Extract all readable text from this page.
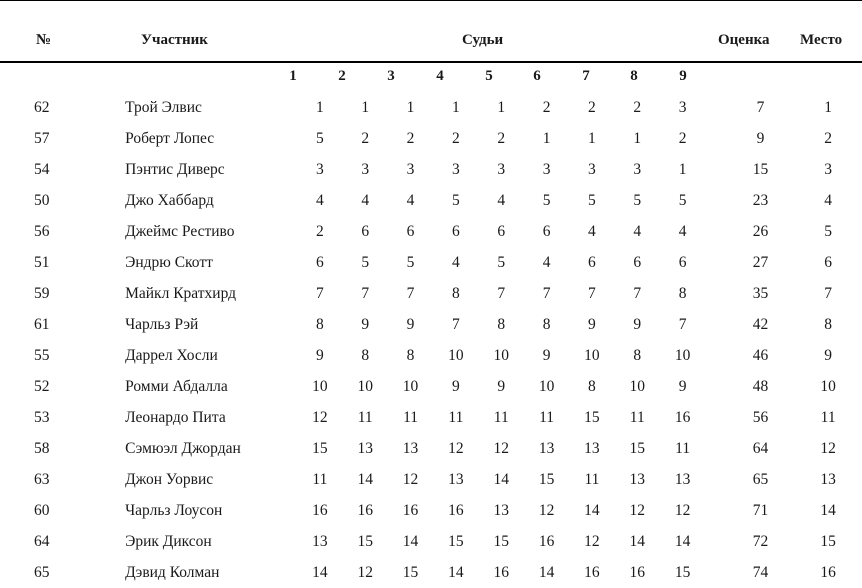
№	Участник	Судьи	Оценка Место
1	2	3	4	5	6	7	8	9
62	Трой Элвис	1	1	1	1	1	2	2	2	3		7	1
57	Роберт Лопес	5	2	2	2	2	1	1	1	2		9	2
54	Пэнтис Диверс	3	3	3	3	3	3	3	3	1		15	3
50	Джо Хаббард	4	4	4	5	4	5	5	5	5		23	4
56	Джеймс Рестиво	2	6	6	6	6	6	4	4	4		26	5
51	Эндрю Скотт	6	5	5	4	5	4	6	6	6		27	6
59	Майкл Кратхирд	7	7	7	8	7	7	7	7	8		35	7
61	Чарльз Рэй	8	9	9	7	8	8	9	9	7		42	8
55	Даррел Хосли	9	8	8	10	10	9	10	8	10		46	9
52	Ромми Абдалла	10	10	10	9	9	10	8	10	9		48	10
53	Леонардо Пита	12	11	11	11	11	11	15	11	16		56	11
58	Сэмюэл Джордан	15	13	13	12	12	13	13	15	11		64	12
63	Джон Уорвис	11	14	12	13	14	15	11	13	13		65	13
60	Чарльз Лоусон	16	16	16	16	13	12	14	12	12		71	14
64	Эрик Диксон	13	15	14	15	15	16	12	14	14		72	15
65	Дэвид Колман	14	12	15	14	16	14	16	16	15		74	16
